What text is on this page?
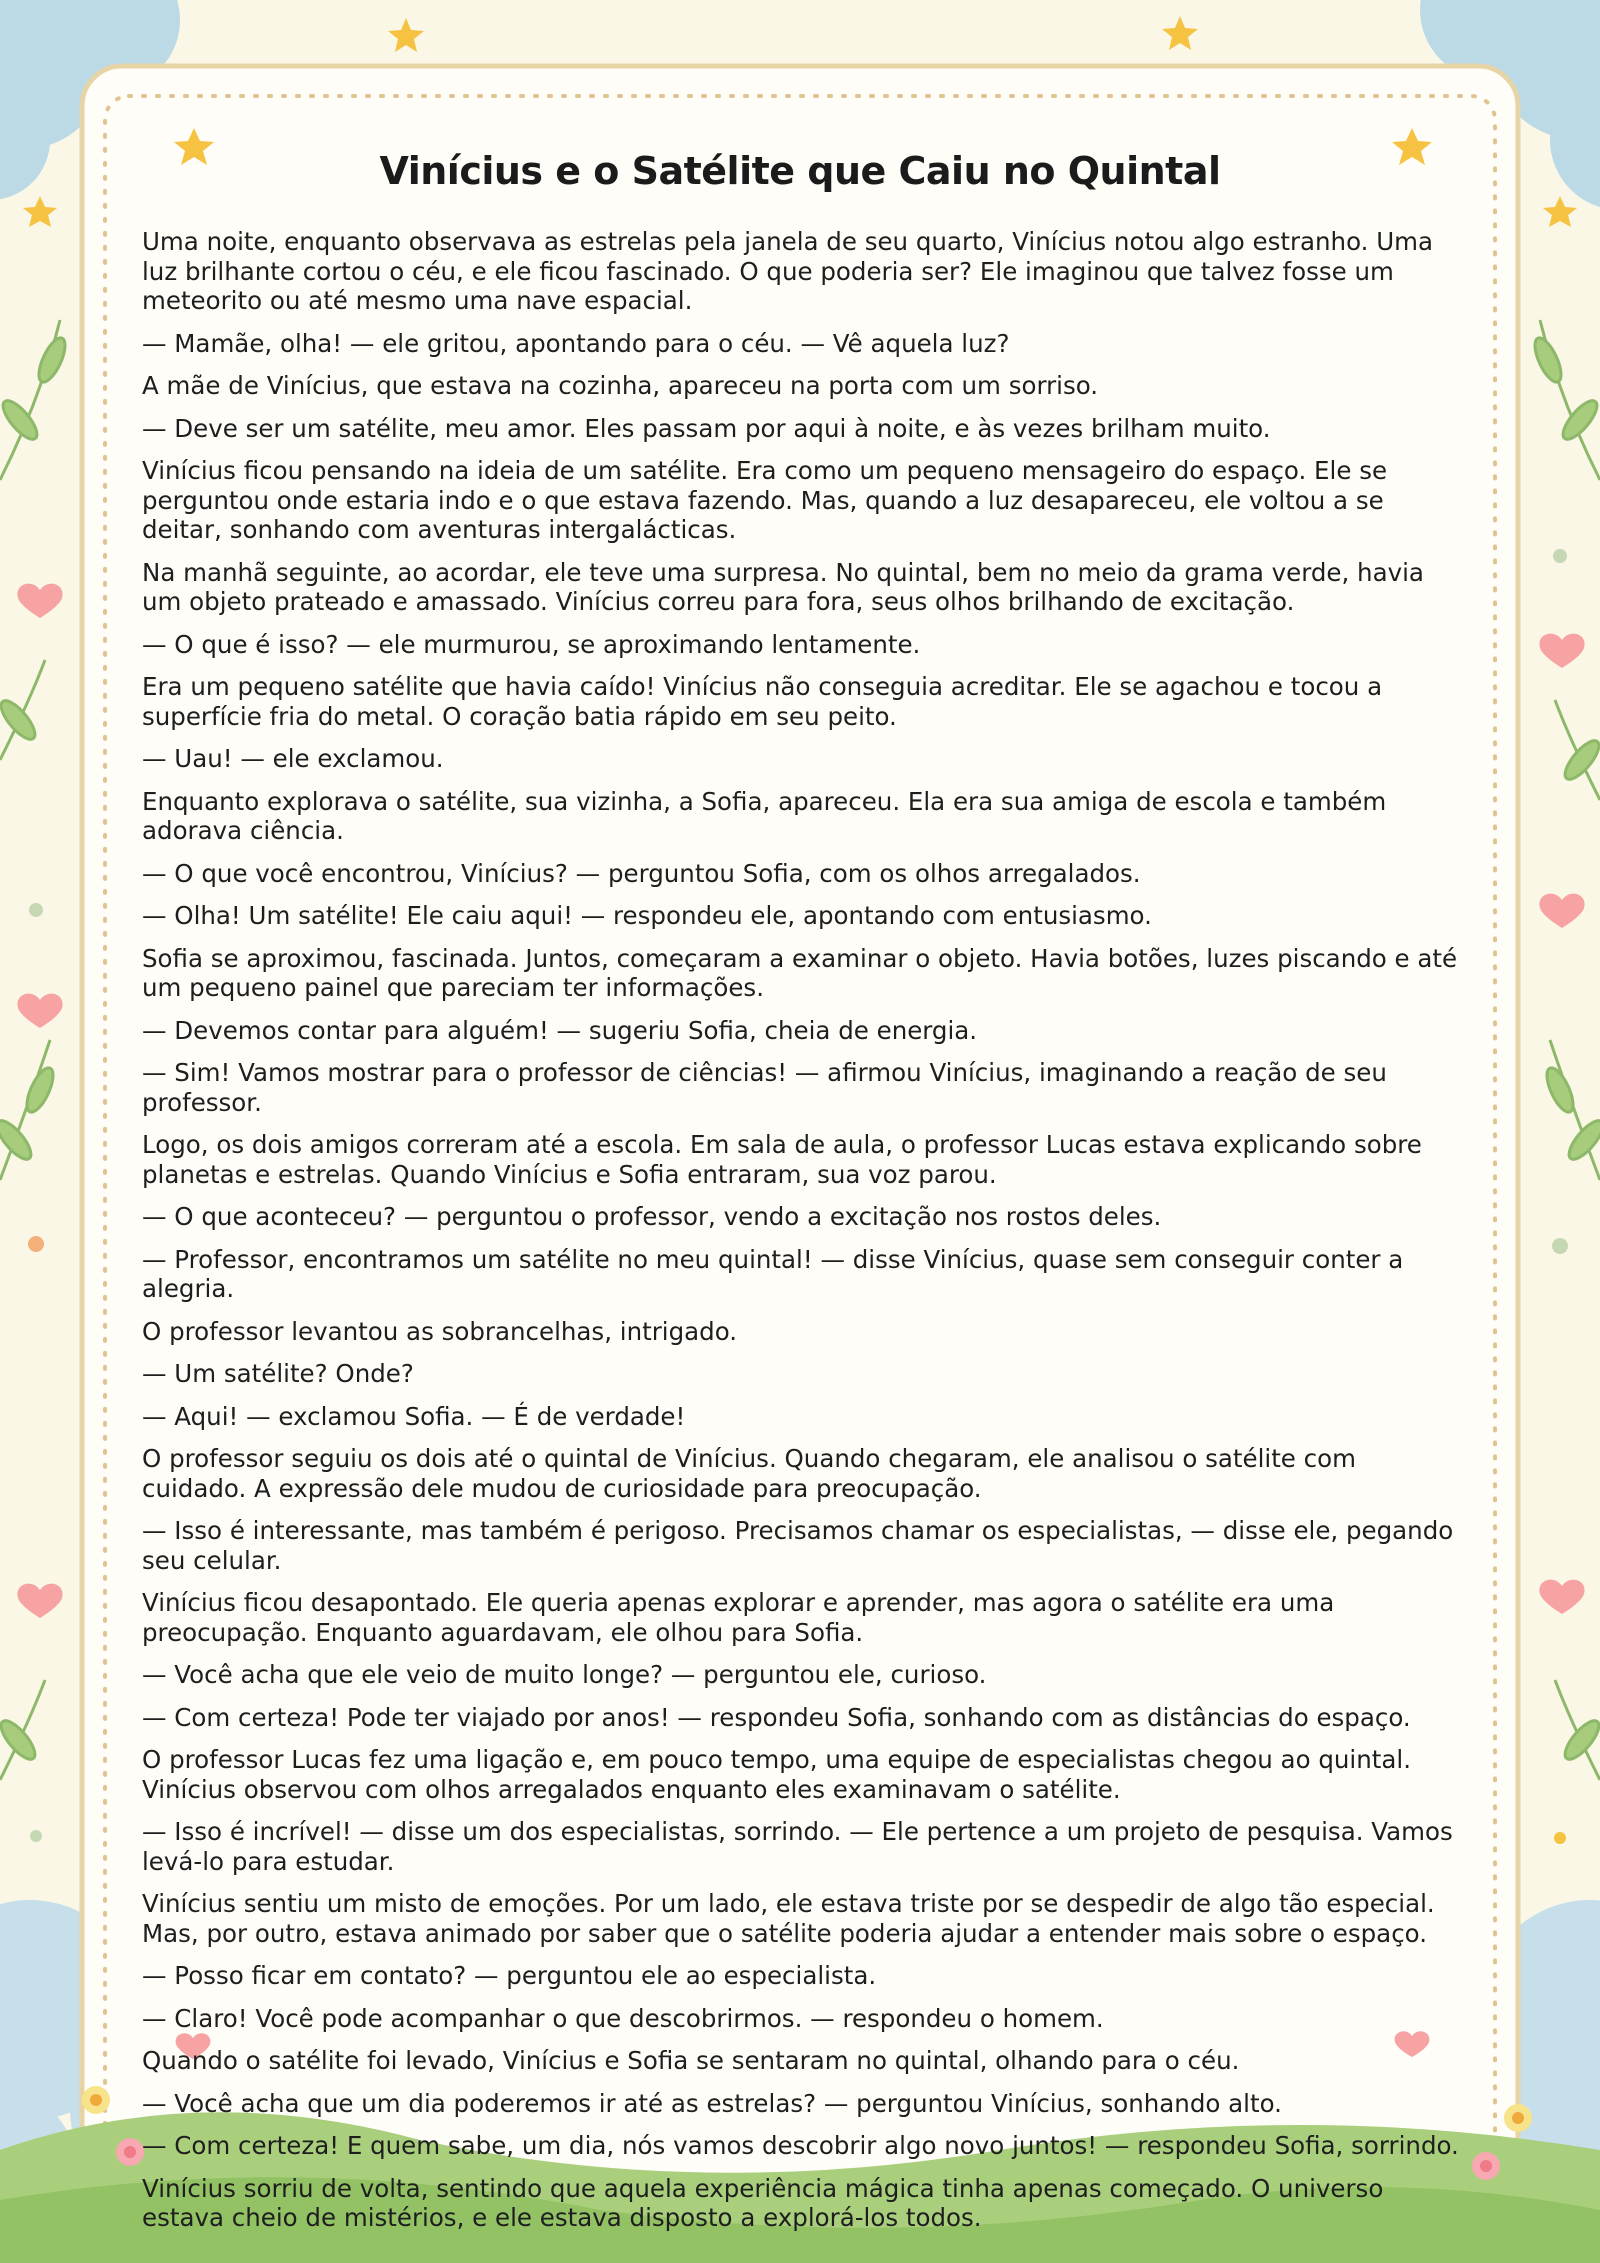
Vinícius e o Satélite que Caiu no Quintal

Uma noite, enquanto observava as estrelas pela janela de seu quarto, Vinícius notou algo estranho. Uma luz brilhante cortou o céu, e ele ficou fascinado. O que poderia ser? Ele imaginou que talvez fosse um meteorito ou até mesmo uma nave espacial.

— Mamãe, olha! — ele gritou, apontando para o céu. — Vê aquela luz?

A mãe de Vinícius, que estava na cozinha, apareceu na porta com um sorriso.

— Deve ser um satélite, meu amor. Eles passam por aqui à noite, e às vezes brilham muito.

Vinícius ficou pensando na ideia de um satélite. Era como um pequeno mensageiro do espaço. Ele se perguntou onde estaria indo e o que estava fazendo. Mas, quando a luz desapareceu, ele voltou a se deitar, sonhando com aventuras intergalácticas.

Na manhã seguinte, ao acordar, ele teve uma surpresa. No quintal, bem no meio da grama verde, havia um objeto prateado e amassado. Vinícius correu para fora, seus olhos brilhando de excitação.

— O que é isso? — ele murmurou, se aproximando lentamente.

Era um pequeno satélite que havia caído! Vinícius não conseguia acreditar. Ele se agachou e tocou a superfície fria do metal. O coração batia rápido em seu peito.

— Uau! — ele exclamou.

Enquanto explorava o satélite, sua vizinha, a Sofia, apareceu. Ela era sua amiga de escola e também adorava ciência.

— O que você encontrou, Vinícius? — perguntou Sofia, com os olhos arregalados.

— Olha! Um satélite! Ele caiu aqui! — respondeu ele, apontando com entusiasmo.

Sofia se aproximou, fascinada. Juntos, começaram a examinar o objeto. Havia botões, luzes piscando e até um pequeno painel que pareciam ter informações.

— Devemos contar para alguém! — sugeriu Sofia, cheia de energia.

— Sim! Vamos mostrar para o professor de ciências! — afirmou Vinícius, imaginando a reação de seu professor.

Logo, os dois amigos correram até a escola. Em sala de aula, o professor Lucas estava explicando sobre planetas e estrelas. Quando Vinícius e Sofia entraram, sua voz parou.

— O que aconteceu? — perguntou o professor, vendo a excitação nos rostos deles.

— Professor, encontramos um satélite no meu quintal! — disse Vinícius, quase sem conseguir conter a alegria.

O professor levantou as sobrancelhas, intrigado.

— Um satélite? Onde?

— Aqui! — exclamou Sofia. — É de verdade!

O professor seguiu os dois até o quintal de Vinícius. Quando chegaram, ele analisou o satélite com cuidado. A expressão dele mudou de curiosidade para preocupação.

— Isso é interessante, mas também é perigoso. Precisamos chamar os especialistas, — disse ele, pegando seu celular.

Vinícius ficou desapontado. Ele queria apenas explorar e aprender, mas agora o satélite era uma preocupação. Enquanto aguardavam, ele olhou para Sofia.

— Você acha que ele veio de muito longe? — perguntou ele, curioso.

— Com certeza! Pode ter viajado por anos! — respondeu Sofia, sonhando com as distâncias do espaço.

O professor Lucas fez uma ligação e, em pouco tempo, uma equipe de especialistas chegou ao quintal. Vinícius observou com olhos arregalados enquanto eles examinavam o satélite.

— Isso é incrível! — disse um dos especialistas, sorrindo. — Ele pertence a um projeto de pesquisa. Vamos levá-lo para estudar.

Vinícius sentiu um misto de emoções. Por um lado, ele estava triste por se despedir de algo tão especial. Mas, por outro, estava animado por saber que o satélite poderia ajudar a entender mais sobre o espaço.

— Posso ficar em contato? — perguntou ele ao especialista.

— Claro! Você pode acompanhar o que descobrirmos. — respondeu o homem.

Quando o satélite foi levado, Vinícius e Sofia se sentaram no quintal, olhando para o céu.

— Você acha que um dia poderemos ir até as estrelas? — perguntou Vinícius, sonhando alto.

— Com certeza! E quem sabe, um dia, nós vamos descobrir algo novo juntos! — respondeu Sofia, sorrindo.

Vinícius sorriu de volta, sentindo que aquela experiência mágica tinha apenas começado. O universo estava cheio de mistérios, e ele estava disposto a explorá-los todos.
